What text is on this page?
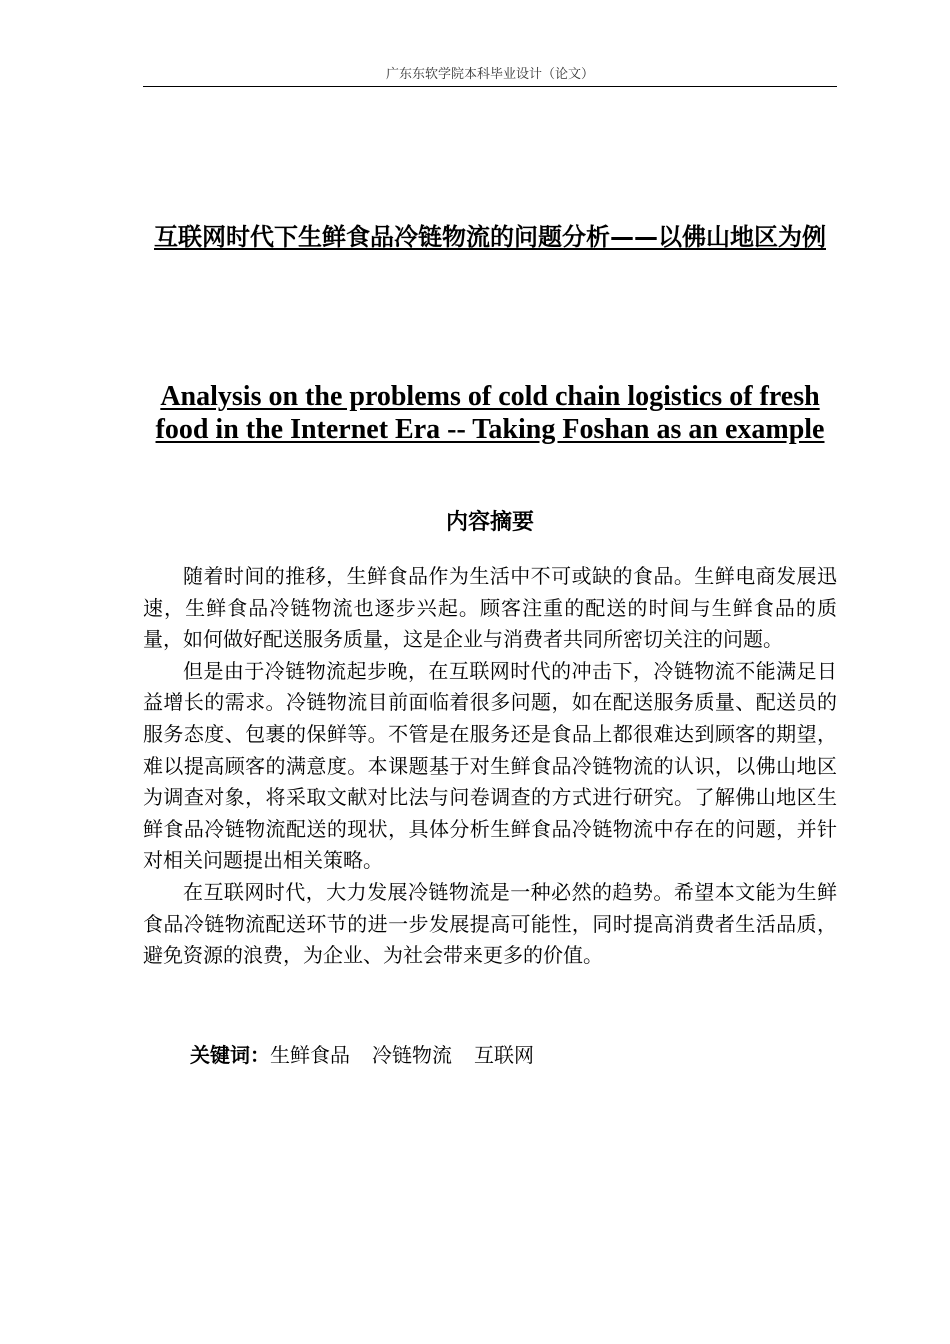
广东东软学院本科毕业设计（论文）
互联网时代下生鲜食品冷链物流的问题分析——以佛山地区为例
Analysis on the problems of cold chain logistics of fresh food in the Internet Era -- Taking Foshan as an example
内容摘要

随着时间的推移，生鲜食品作为生活中不可或缺的食品。生鲜电商发展迅速，生鲜食品冷链物流也逐步兴起。顾客注重的配送的时间与生鲜食品的质量，如何做好配送服务质量，这是企业与消费者共同所密切关注的问题。

但是由于冷链物流起步晚，在互联网时代的冲击下，冷链物流不能满足日益增长的需求。冷链物流目前面临着很多问题，如在配送服务质量、配送员的服务态度、包裹的保鲜等。不管是在服务还是食品上都很难达到顾客的期望，难以提高顾客的满意度。本课题基于对生鲜食品冷链物流的认识，以佛山地区为调查对象，将采取文献对比法与问卷调查的方式进行研究。了解佛山地区生鲜食品冷链物流配送的现状，具体分析生鲜食品冷链物流中存在的问题，并针对相关问题提出相关策略。

在互联网时代，大力发展冷链物流是一种必然的趋势。希望本文能为生鲜食品冷链物流配送环节的进一步发展提高可能性，同时提高消费者生活品质，避免资源的浪费，为企业、为社会带来更多的价值。

关键词：生鲜食品 冷链物流 互联网
